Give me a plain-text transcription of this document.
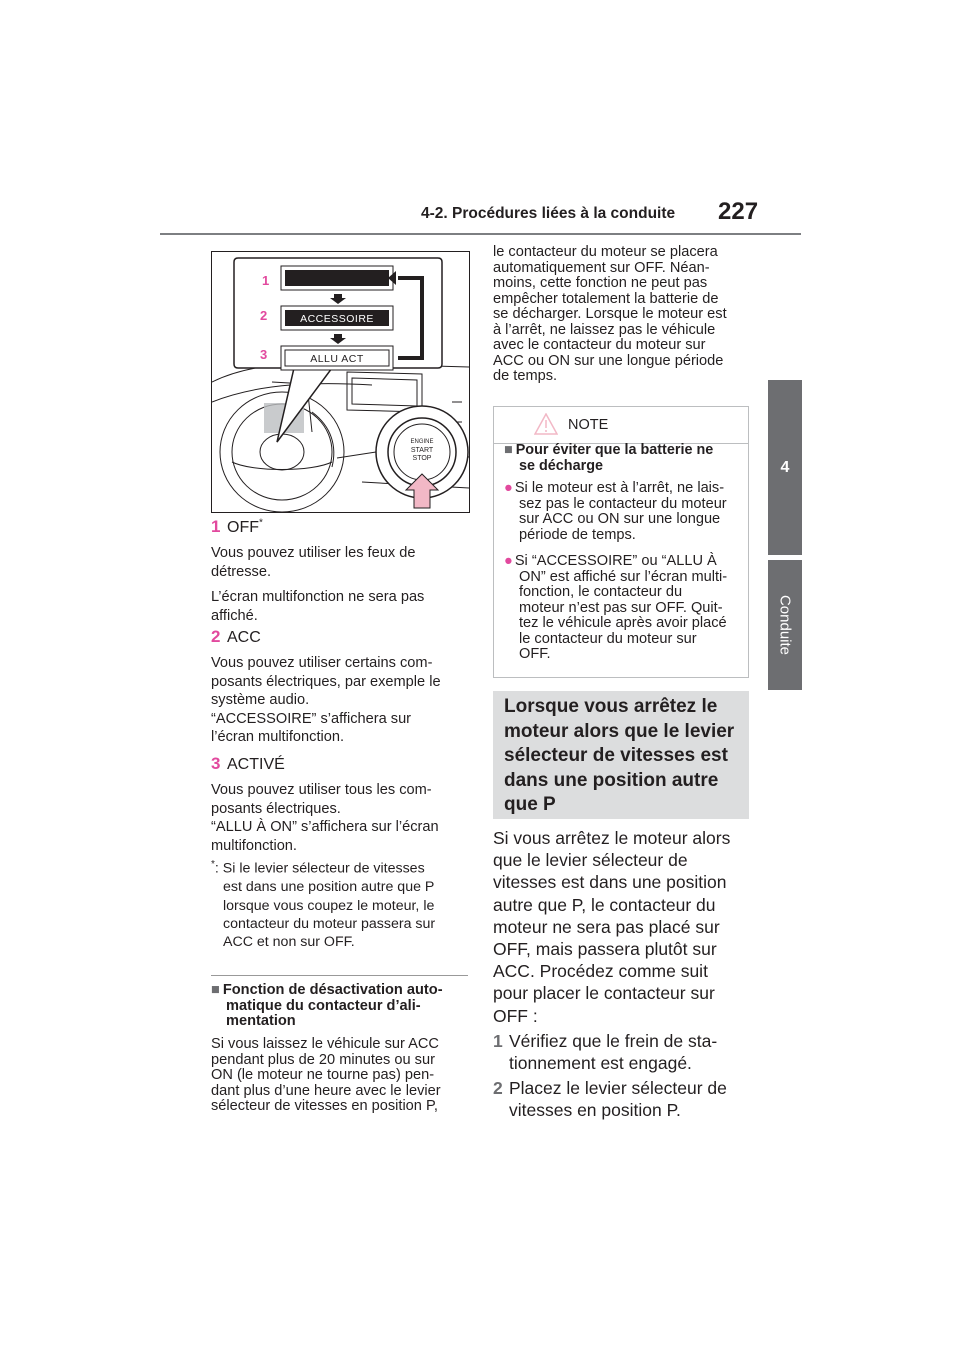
4-2. Procédures liées à la conduite 227
4
Conduite
1
2
3
ACCESSOIRE
ALLU ACT
ENGINE
START
STOP
1 OFF*
Vous pouvez utiliser les feux de
détresse.
L’écran multifonction ne sera pas
affiché.
2 ACC
Vous pouvez utiliser certains com-
posants électriques, par exemple le
système audio.
“ACCESSOIRE” s’affichera sur
l’écran multifonction.
3 ACTIVÉ
Vous pouvez utiliser tous les com-
posants électriques.
“ALLU À ON” s’affichera sur l’écran
multifonction.
*: Si le levier sélecteur de vitesses
est dans une position autre que P
lorsque vous coupez le moteur, le
contacteur du moteur passera sur
ACC et non sur OFF.
■ Fonction de désactivation auto-
matique du contacteur d’ali-
mentation
Si vous laissez le véhicule sur ACC
pendant plus de 20 minutes ou sur
ON (le moteur ne tourne pas) pen-
dant plus d’une heure avec le levier
sélecteur de vitesses en position P,
le contacteur du moteur se placera
automatiquement sur OFF. Néan-
moins, cette fonction ne peut pas
empêcher totalement la batterie de
se décharger. Lorsque le moteur est
à l’arrêt, ne laissez pas le véhicule
avec le contacteur du moteur sur
ACC ou ON sur une longue période
de temps.
NOTE
■ Pour éviter que la batterie ne
se décharge
● Si le moteur est à l’arrêt, ne lais-
sez pas le contacteur du moteur
sur ACC ou ON sur une longue
période de temps.
● Si “ACCESSOIRE” ou “ALLU À
ON” est affiché sur l’écran multi-
fonction, le contacteur du
moteur n’est pas sur OFF. Quit-
tez le véhicule après avoir placé
le contacteur du moteur sur
OFF.
Lorsque vous arrêtez le
moteur alors que le levier
sélecteur de vitesses est
dans une position autre
que P
Si vous arrêtez le moteur alors
que le levier sélecteur de
vitesses est dans une position
autre que P, le contacteur du
moteur ne sera pas placé sur
OFF, mais passera plutôt sur
ACC. Procédez comme suit
pour placer le contacteur sur
OFF :
1 Vérifiez que le frein de sta-
tionnement est engagé.
2 Placez le levier sélecteur de
vitesses en position P.
